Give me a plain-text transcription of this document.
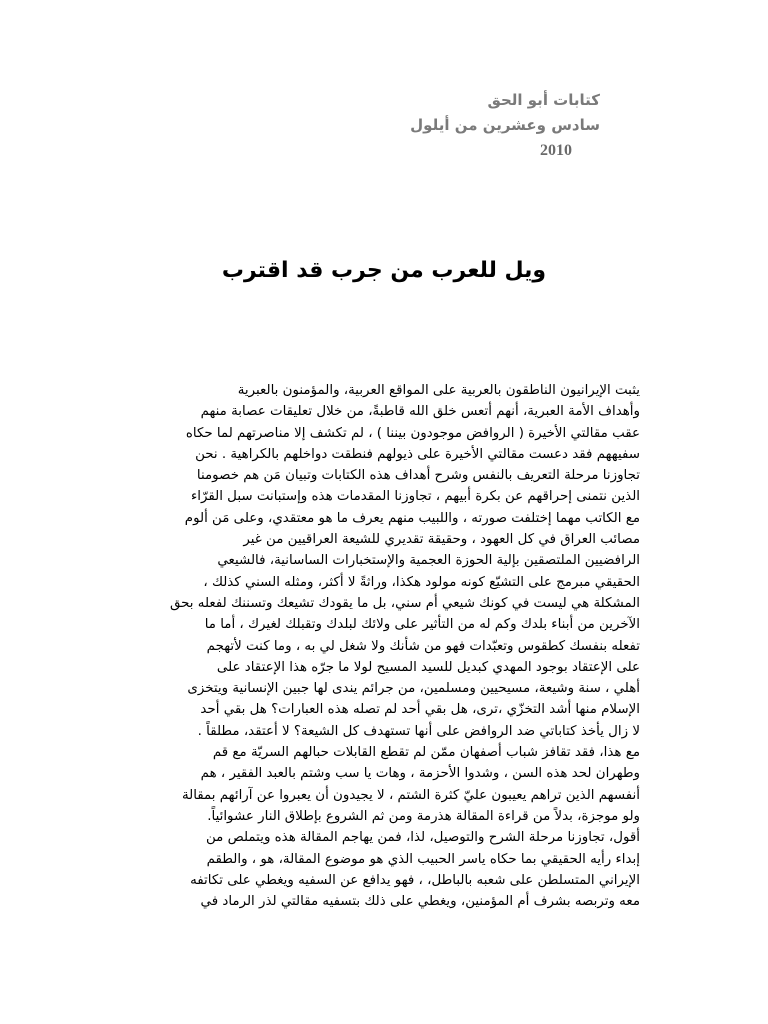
كتابات أبو الحق
سادس وعشرين من أيلول
2010
ويل للعرب من جرب قد اقترب
يثبت الإيرانيون الناطقون بالعربية على المواقع العربية، والمؤمنون بالعبرية
وأهداف الأمة العبرية، أنهم أتعس خلق الله قاطبةً، من خلال تعليقات عصابة منهم
عقب مقالتي الأخيرة ( الروافض موجودون بيننا ) ، لم تكشف إلا مناصرتهم لما حكاه
سفيههم فقد دعست مقالتي الأخيرة على ذيولهم فنطقت دواخلهم بالكراهية . نحن
تجاوزنا مرحلة التعريف بالنفس وشرح أهداف هذه الكتابات وتبيان مَن هم خصومنا
الذين نتمنى إحراقهم عن بكرة أبيهم ، تجاوزنا المقدمات هذه وإستبانت سبل القرّاء
مع الكاتب مهما إختلفت صورته ، واللبيب منهم يعرف ما هو معتقدي، وعلى مَن ألوم
مصائب العراق في كل العهود ، وحقيقة تقديري للشيعة العراقيين من غير
الرافضيين الملتصقين بإلية الحوزة العجمية والإستخبارات الساسانية، فالشيعي
الحقيقي مبرمج على التشيّع كونه مولود هكذا، وراثةً لا أكثر، ومثله السني كذلك ،
المشكلة هي ليست في كونك شيعي أم سني، بل ما يقودك تشيعك وتسننك لفعله بحق
الآخرين من أبناء بلدك وكم له من التأثير على ولائك لبلدك وتقبلك لغيرك ، أما ما
تفعله بنفسك كطقوس وتعبّدات فهو من شأنك ولا شغل لي به ، وما كنت لأتهجم
على الإعتقاد بوجود المهدي كبديل للسيد المسيح لولا ما جرّه هذا الإعتقاد على
أهلي ، سنة وشيعة، مسيحيين ومسلمين، من جرائم يندى لها جبين الإنسانية ويتخزى
الإسلام منها أشد التخزّي ،ترى، هل بقي أحد لم تصله هذه العبارات؟ هل بقي أحد
لا زال يأخذ كتاباتي ضد الروافض على أنها تستهدف كل الشيعة؟ لا أعتقد، مطلقاً .
مع هذا، فقد تقافز شباب أصفهان ممّن لم تقطع القابلات حبالهم السريّة مع قم
وطهران لحد هذه السن ، وشدوا الأحزمة ، وهات يا سب وشتم بالعبد الفقير ، هم
أنفسهم الذين تراهم يعيبون عليّ كثرة الشتم ، لا يجيدون أن يعبروا عن آرائهم بمقالة
ولو موجزة، بدلاً من قراءة المقالة هذرمة ومن ثم الشروع بإطلاق النار عشوائياً.
أقول، تجاوزنا مرحلة الشرح والتوصيل، لذا، فمن يهاجم المقالة هذه ويتملص من
إبداء رأيه الحقيقي بما حكاه ياسر الحبيب الذي هو موضوع المقالة، هو ، والطقم
الإيراني المتسلطن على شعبه بالباطل، ، فهو يدافع عن السفيه ويغطي على تكاتفه
معه وتربصه بشرف أم المؤمنين، ويغطي على ذلك بتسفيه مقالتي لذر الرماد في
